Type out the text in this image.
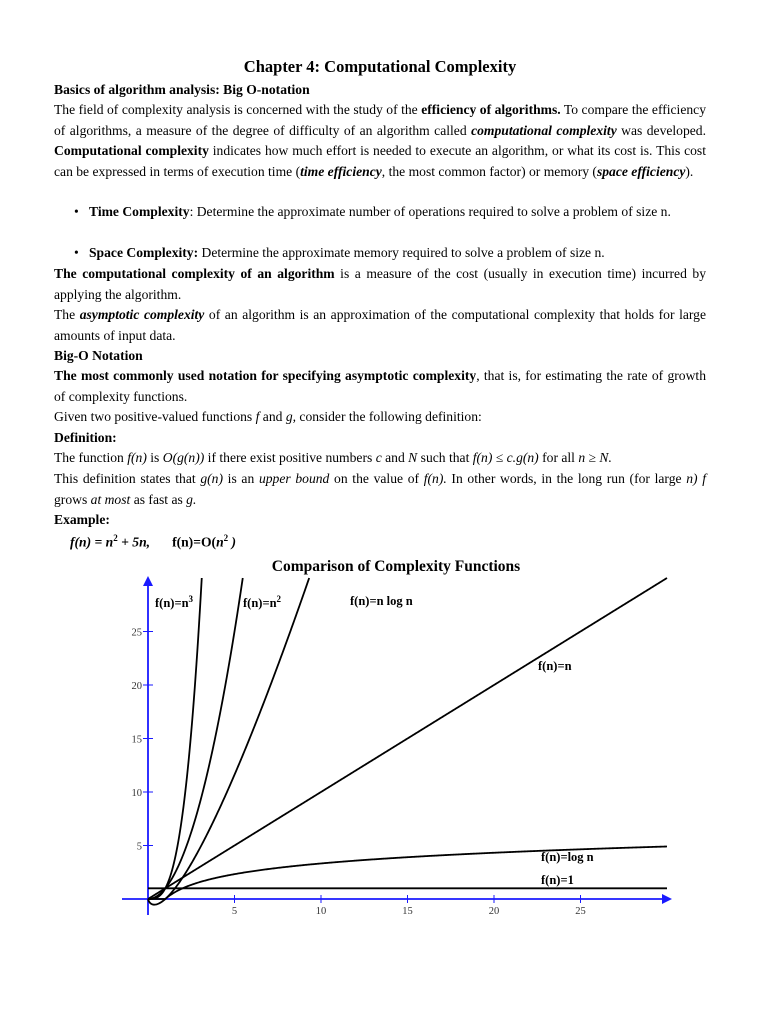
Chapter 4: Computational Complexity
Basics of algorithm analysis: Big O-notation
The field of complexity analysis is concerned with the study of the efficiency of algorithms. To compare the efficiency of algorithms, a measure of the degree of difficulty of an algorithm called computational complexity was developed. Computational complexity indicates how much effort is needed to execute an algorithm, or what its cost is. This cost can be expressed in terms of execution time (time efficiency, the most common factor) or memory (space efficiency).
• Time Complexity: Determine the approximate number of operations required to solve a problem of size n.
• Space Complexity: Determine the approximate memory required to solve a problem of size n.
The computational complexity of an algorithm is a measure of the cost (usually in execution time) incurred by applying the algorithm.
The asymptotic complexity of an algorithm is an approximation of the computational complexity that holds for large amounts of input data.
Big-O Notation
The most commonly used notation for specifying asymptotic complexity, that is, for estimating the rate of growth of complexity functions.
Given two positive-valued functions f and g, consider the following definition:
Definition:
The function f(n) is O(g(n)) if there exist positive numbers c and N such that f(n) ≤ c.g(n) for all n ≥ N.
This definition states that g(n) is an upper bound on the value of f(n). In other words, in the long run (for large n) f grows at most as fast as g.
Example:
$f(n) = n^2 + 5n$, $f(n)=O(n^2$ )
Comparison of Complexity Functions
5	10	15	20	25
5
10
15
20
25
$f(n)=n^3$	$f(n)=n^2$	f(n)=n log n
f(n)=n
f(n)=log n
f(n)=1
